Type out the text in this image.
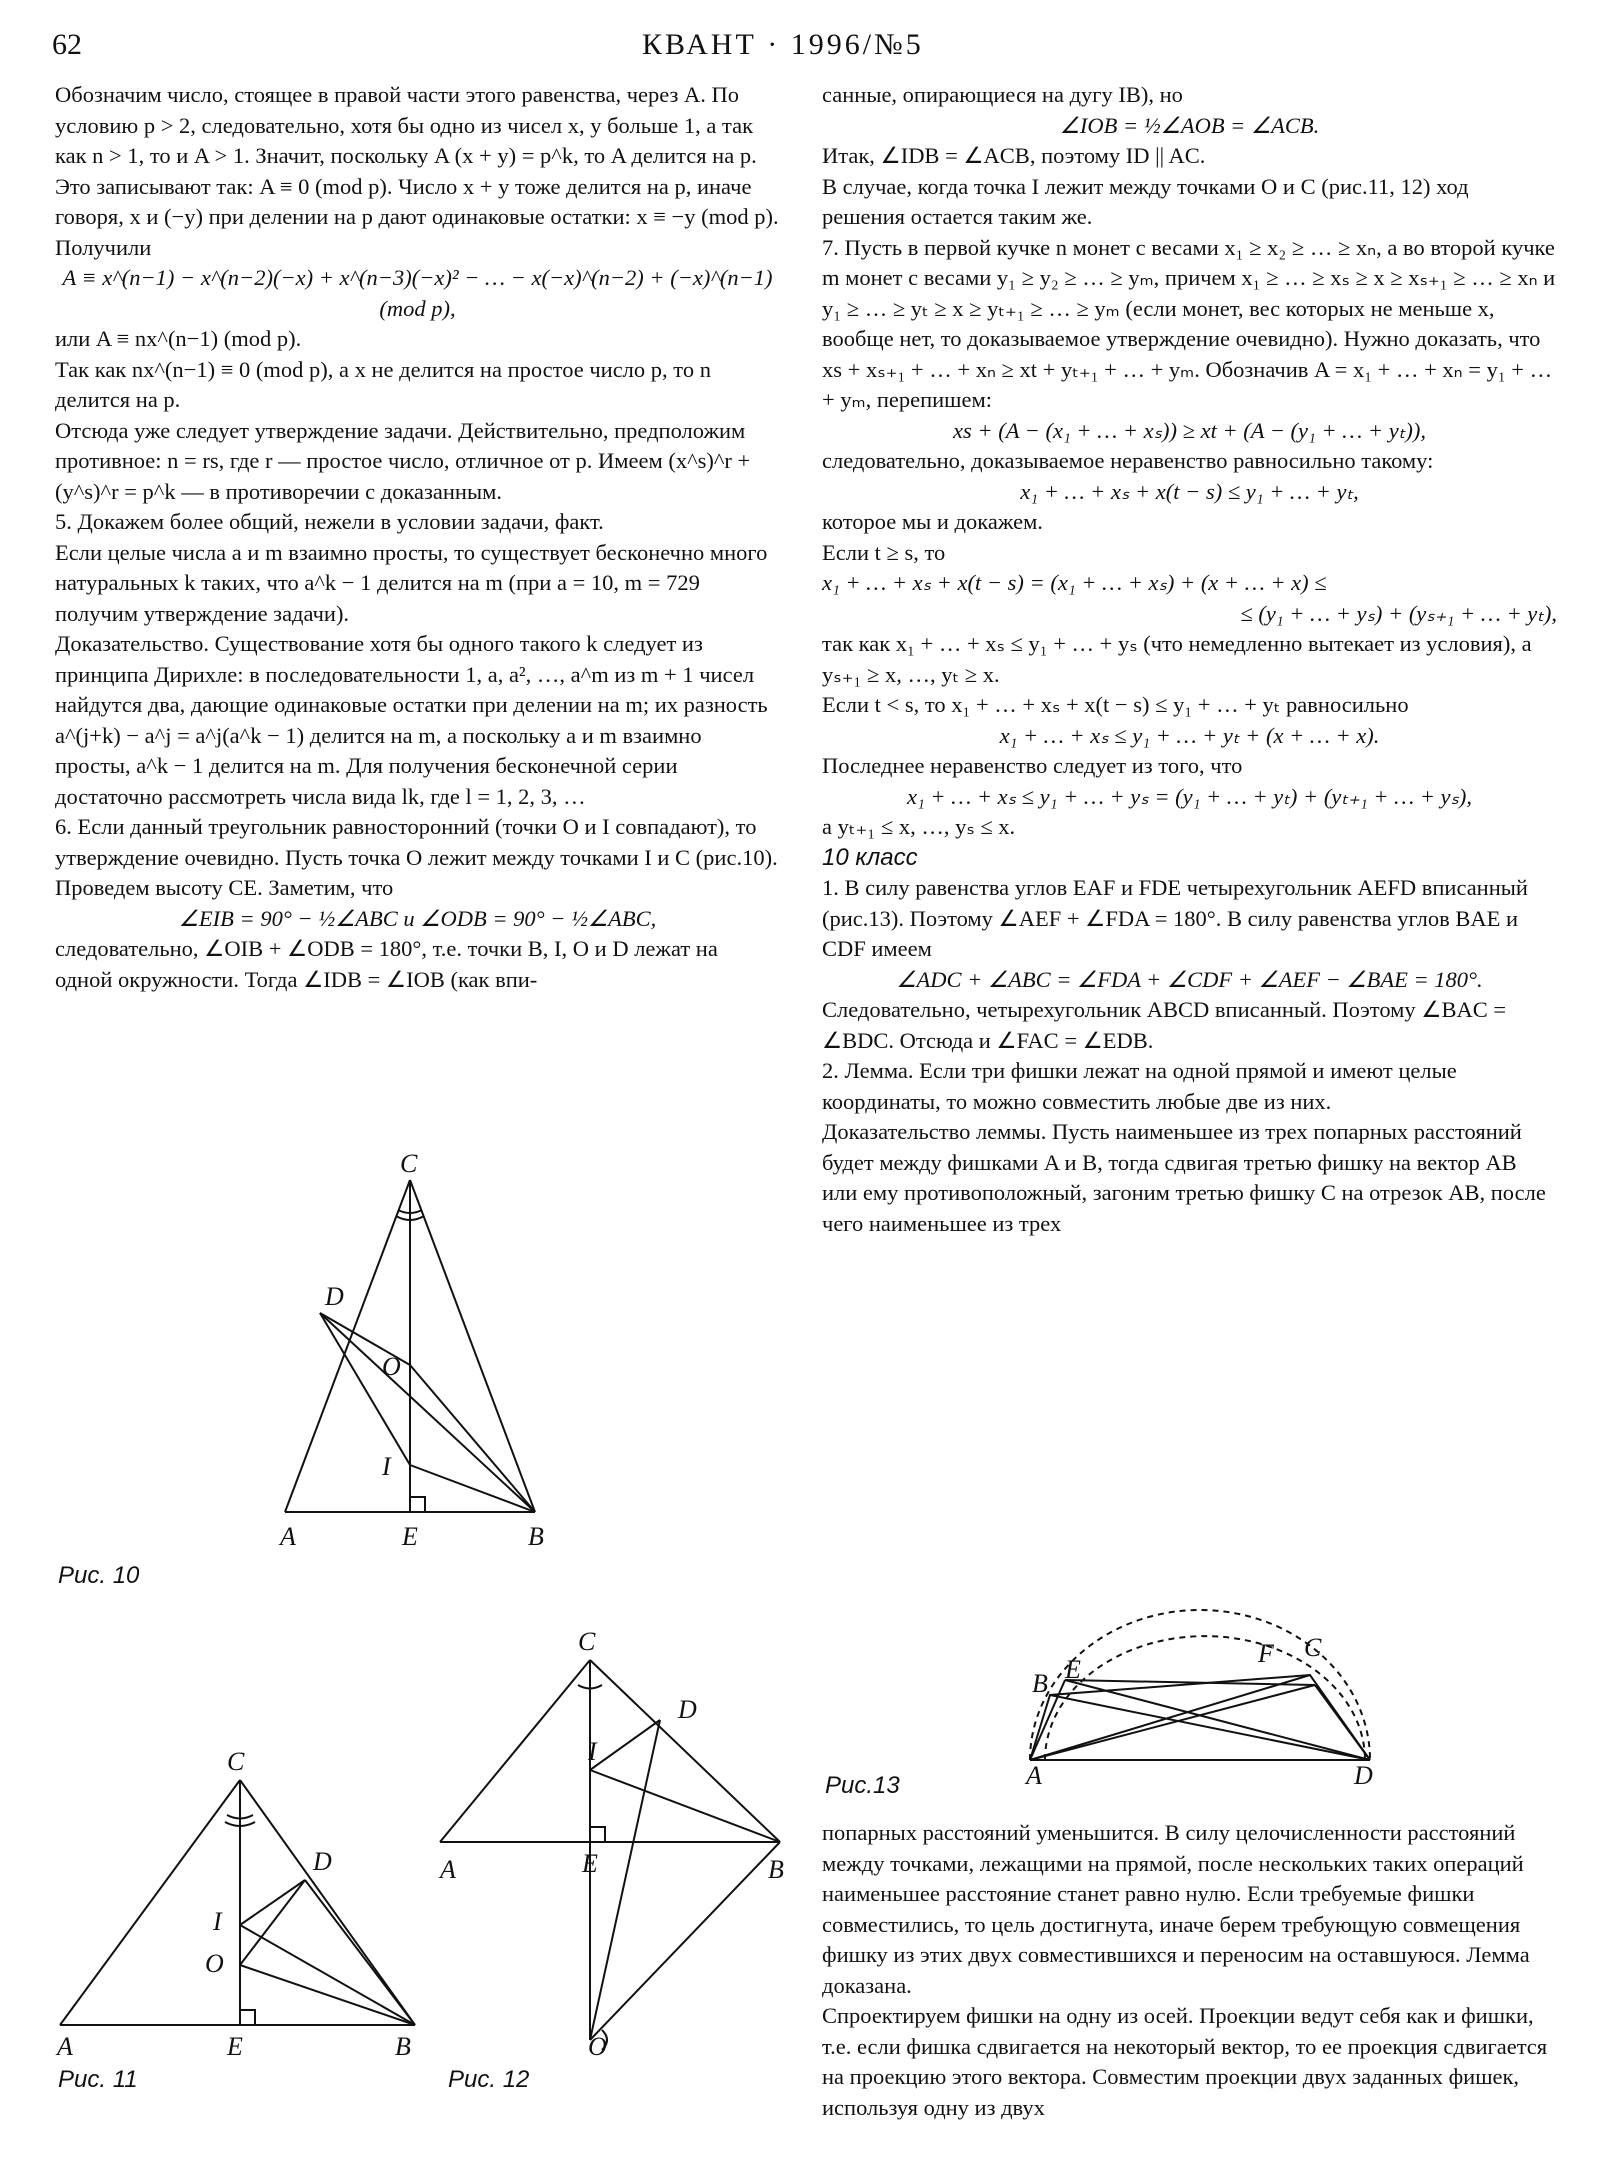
62	КВАНТ · 1996/№5

Обозначим число, стоящее в правой части этого равенства, через A. По условию p > 2, следовательно, хотя бы одно из чисел x, y больше 1, а так как n > 1, то и A > 1. Значит, поскольку A (x + y) = p^k, то A делится на p. Это записывают так: A ≡ 0 (mod p). Число x + y тоже делится на p, иначе говоря, x и (−y) при делении на p дают одинаковые остатки: x ≡ −y (mod p).

Получили

A ≡ x^(n−1) − x^(n−2)(−x) + x^(n−3)(−x)² − … − x(−x)^(n−2) + (−x)^(n−1) (mod p),

или A ≡ nx^(n−1) (mod p).

Так как nx^(n−1) ≡ 0 (mod p), а x не делится на простое число p, то n делится на p.

Отсюда уже следует утверждение задачи. Действительно, предположим противное: n = rs, где r — простое число, отличное от p. Имеем (x^s)^r + (y^s)^r = p^k — в противоречии с доказанным.

5. Докажем более общий, нежели в условии задачи, факт.

Если целые числа a и m взаимно просты, то существует бесконечно много натуральных k таких, что a^k − 1 делится на m (при a = 10, m = 729 получим утверждение задачи).

Доказательство. Существование хотя бы одного такого k следует из принципа Дирихле: в последовательности 1, a, a², …, a^m из m + 1 чисел найдутся два, дающие одинаковые остатки при делении на m; их разность a^(j+k) − a^j = a^j(a^k − 1) делится на m, а поскольку a и m взаимно просты, a^k − 1 делится на m. Для получения бесконечной серии достаточно рассмотреть числа вида lk, где l = 1, 2, 3, …

6. Если данный треугольник равносторонний (точки O и I совпадают), то утверждение очевидно. Пусть точка O лежит между точками I и C (рис.10). Проведем высоту CE. Заметим, что

∠EIB = 90° − ½∠ABC и ∠ODB = 90° − ½∠ABC,

следовательно, ∠OIB + ∠ODB = 180°, т.е. точки B, I, O и D лежат на одной окружности. Тогда ∠IDB = ∠IOB (как впи-

санные, опирающиеся на дугу IB), но

∠IOB = ½∠AOB = ∠ACB.

Итак, ∠IDB = ∠ACB, поэтому ID || AC.

В случае, когда точка I лежит между точками O и C (рис.11, 12) ход решения остается таким же.

7. Пусть в первой кучке n монет с весами x₁ ≥ x₂ ≥ … ≥ xₙ, а во второй кучке m монет с весами y₁ ≥ y₂ ≥ … ≥ yₘ, причем x₁ ≥ … ≥ xₛ ≥ x ≥ xₛ₊₁ ≥ … ≥ xₙ и y₁ ≥ … ≥ yₜ ≥ x ≥ yₜ₊₁ ≥ … ≥ yₘ (если монет, вес которых не меньше x, вообще нет, то доказываемое утверждение очевидно). Нужно доказать, что xs + xₛ₊₁ + … + xₙ ≥ xt + yₜ₊₁ + … + yₘ. Обозначив A = x₁ + … + xₙ = y₁ + … + yₘ, перепишем:

xs + (A − (x₁ + … + xₛ)) ≥ xt + (A − (y₁ + … + yₜ)),

следовательно, доказываемое неравенство равносильно такому:

x₁ + … + xₛ + x(t − s) ≤ y₁ + … + yₜ,

которое мы и докажем.

Если t ≥ s, то

x₁ + … + xₛ + x(t − s) = (x₁ + … + xₛ) + (x + … + x) ≤

≤ (y₁ + … + yₛ) + (yₛ₊₁ + … + yₜ),

так как x₁ + … + xₛ ≤ y₁ + … + yₛ (что немедленно вытекает из условия), а yₛ₊₁ ≥ x, …, yₜ ≥ x.

Если t < s, то x₁ + … + xₛ + x(t − s) ≤ y₁ + … + yₜ равносильно

x₁ + … + xₛ ≤ y₁ + … + yₜ + (x + … + x).

Последнее неравенство следует из того, что

x₁ + … + xₛ ≤ y₁ + … + yₛ = (y₁ + … + yₜ) + (yₜ₊₁ + … + yₛ),

а yₜ₊₁ ≤ x, …, yₛ ≤ x.

10 класс

1. В силу равенства углов EAF и FDE четырехугольник AEFD вписанный (рис.13). Поэтому ∠AEF + ∠FDA = 180°. В силу равенства углов BAE и CDF имеем

∠ADC + ∠ABC = ∠FDA + ∠CDF + ∠AEF − ∠BAE = 180°.

Следовательно, четырехугольник ABCD вписанный. Поэтому ∠BAC = ∠BDC. Отсюда и ∠FAC = ∠EDB.

2. Лемма. Если три фишки лежат на одной прямой и имеют целые координаты, то можно совместить любые две из них.

Доказательство леммы. Пусть наименьшее из трех попарных расстояний будет между фишками A и B, тогда сдвигая третью фишку на вектор AB или ему противоположный, загоним третью фишку C на отрезок AB, после чего наименьшее из трех

попарных расстояний уменьшится. В силу целочисленности расстояний между точками, лежащими на прямой, после нескольких таких операций наименьшее расстояние станет равно нулю. Если требуемые фишки совместились, то цель достигнута, иначе берем требующую совмещения фишку из этих двух совместившихся и переносим на оставшуюся. Лемма доказана.

Спроектируем фишки на одну из осей. Проекции ведут себя как и фишки, т.е. если фишка сдвигается на некоторый вектор, то ее проекция сдвигается на проекцию этого вектора. Совместим проекции двух заданных фишек, используя одну из двух

C
D
O
I
A	E	B
Рис. 10
C
D
I
O
A	E	B
Рис. 11
C
D
I
A	E	B
O
Рис. 12
B E
F C
A	D
Рис.13
